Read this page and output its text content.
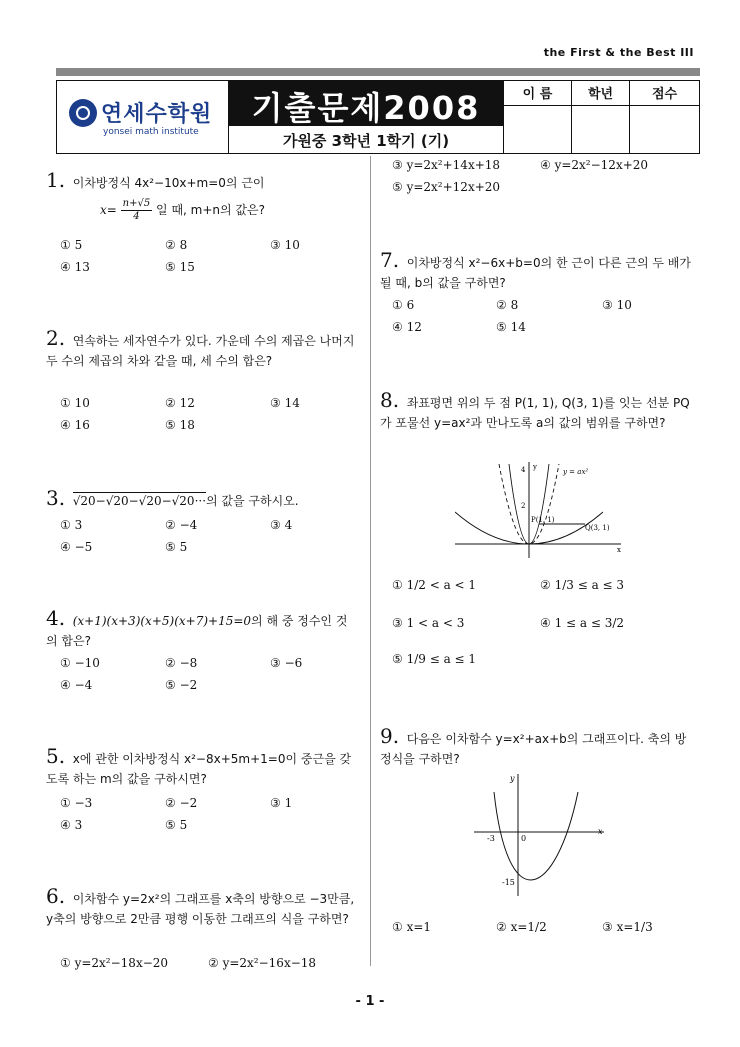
the First & the Best III
연세수학원
yonsei math institute
기출문제2008
가원중 3학년 1학기 (기)
이 름	학년	점수
1. 이차방정식 4x²−10x+m=0의 근이
$x= \frac{n+√5}{4}$ 일 때, m+n의 값은?
① 5	② 8	③ 10
④ 13	⑤ 15
2. 연속하는 세자연수가 있다. 가운데 수의 제곱은 나머지 두 수의 제곱의 차와 같을 때, 세 수의 합은?
① 10	② 12	③ 14
④ 16	⑤ 18
3. √20−√20−√20−√20···의 값을 구하시오.
① 3	② −4	③ 4
④ −5	⑤ 5
4. (x+1)(x+3)(x+5)(x+7)+15=0의 해 중 정수인 것의 합은?
① −10	② −8	③ −6
④ −4	⑤ −2
5. x에 관한 이차방정식 x²−8x+5m+1=0이 중근을 갖도록 하는 m의 값을 구하시면?
① −3	② −2	③ 1
④ 3	⑤ 5
6. 이차함수 y=2x²의 그래프를 x축의 방향으로 −3만큼, y축의 방향으로 2만큼 평행 이동한 그래프의 식을 구하면?
① y=2x²−18x−20	② y=2x²−16x−18
③ y=2x²+14x+18	④ y=2x²−12x+20
⑤ y=2x²+12x+20
7. 이차방정식 x²−6x+b=0의 한 근이 다른 근의 두 배가 될 때, b의 값을 구하면?
① 6	② 8	③ 10
④ 12	⑤ 14
8. 좌표평면 위의 두 점 P(1, 1), Q(3, 1)를 잇는 선분 PQ가 포물선 y=ax²과 만나도록 a의 값의 범위를 구하면?
y
x
4
2
y = ax²
P(1, 1)
Q(3, 1)
① 1/2 < a < 1	② 1/3 ≤ a ≤ 3
③ 1 < a < 3	④ 1 ≤ a ≤ 3/2
⑤ 1/9 ≤ a ≤ 1
9. 다음은 이차함수 y=x²+ax+b의 그래프이다. 축의 방정식을 구하면?
y
x
-3	0
-15
① x=1	② x=1/2	③ x=1/3
- 1 -
